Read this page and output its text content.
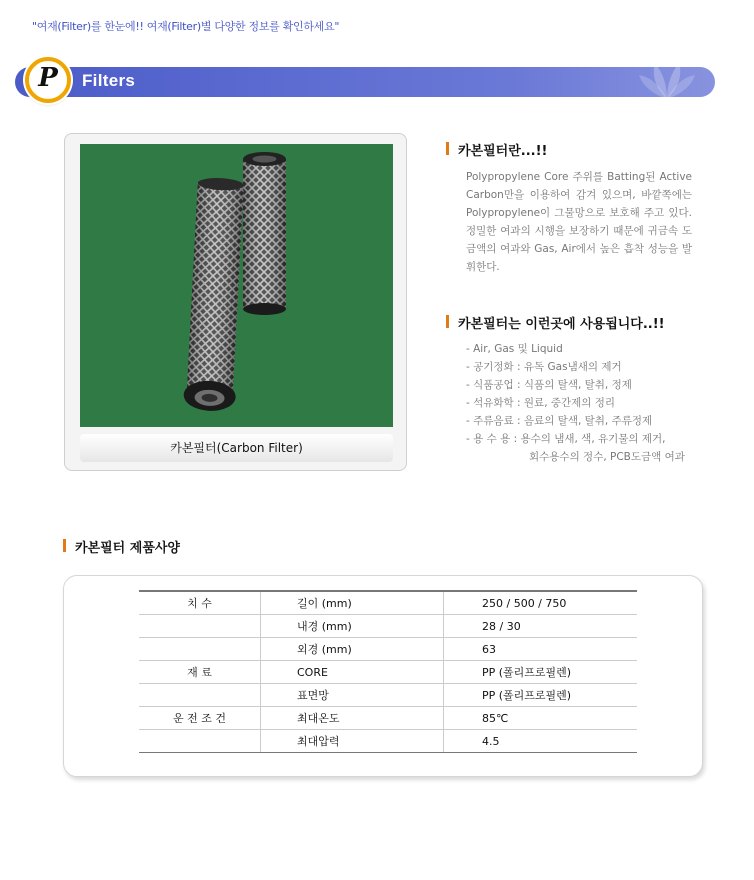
"여재(Filter)를 한눈에!! 여재(Filter)별 다양한 정보를 확인하세요"
P	Filters
카본필터(Carbon Filter)
카본필터란...!!
Polypropylene Core 주위를 Batting된 Active Carbon만을 이용하여 감겨 있으며, 바깥쪽에는 Polypropylene이 그물망으로 보호해 주고 있다. 정밀한 여과의 시행을 보장하기 때문에 귀금속 도금액의 여과와 Gas, Air에서 높은 흡착 성능을 발휘한다.
카본필터는 이런곳에 사용됩니다..!!
- Air, Gas 및 Liquid
- 공기정화 : 유독 Gas냄새의 제거
- 식품공업 : 식품의 탈색, 탈취, 정제
- 석유화학 : 원료, 중간제의 정리
- 주류음료 : 음료의 탈색, 탈취, 주류정제
- 용 수 용 : 용수의 냄새, 색, 유기물의 제거,
회수용수의 정수, PCB도금액 여과
카본필터 제품사양
치 수	길이 (mm)	250 / 500 / 750
	내경 (mm)	28 / 30
	외경 (mm)	63
재 료	CORE	PP (폴리프로필렌)
	표면망	PP (폴리프로필렌)
운 전 조 건	최대온도	85℃
	최대압력	4.5
